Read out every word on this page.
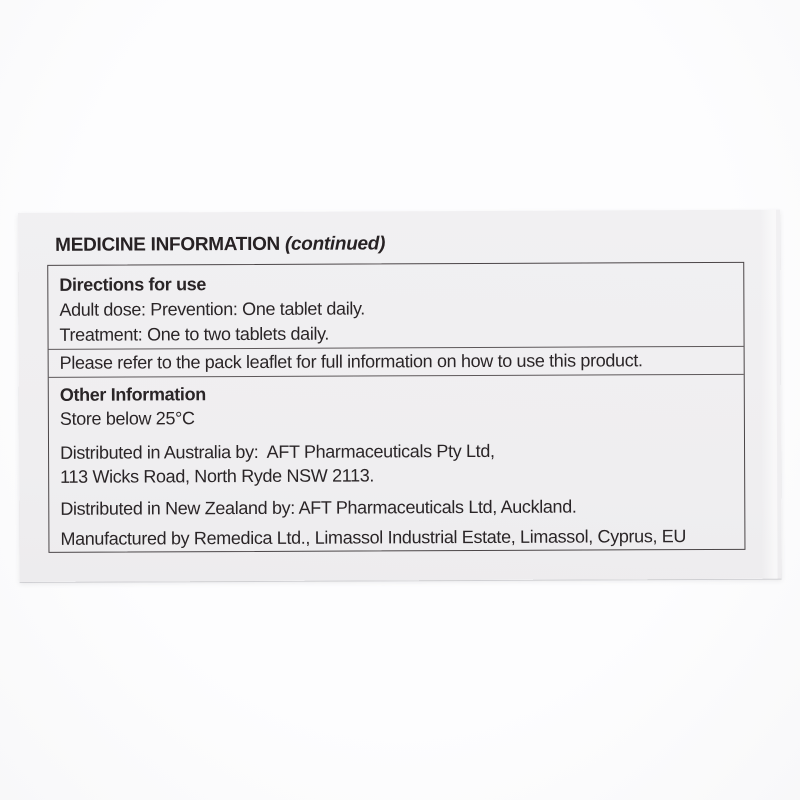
MEDICINE INFORMATION (continued)
Directions for use
Adult dose: Prevention: One tablet daily.
Treatment: One to two tablets daily.
Please refer to the pack leaflet for full information on how to use this product.
Other Information
Store below 25°C
Distributed in Australia by:  AFT Pharmaceuticals Pty Ltd,
113 Wicks Road, North Ryde NSW 2113.
Distributed in New Zealand by: AFT Pharmaceuticals Ltd, Auckland.
Manufactured by Remedica Ltd., Limassol Industrial Estate, Limassol, Cyprus, EU
